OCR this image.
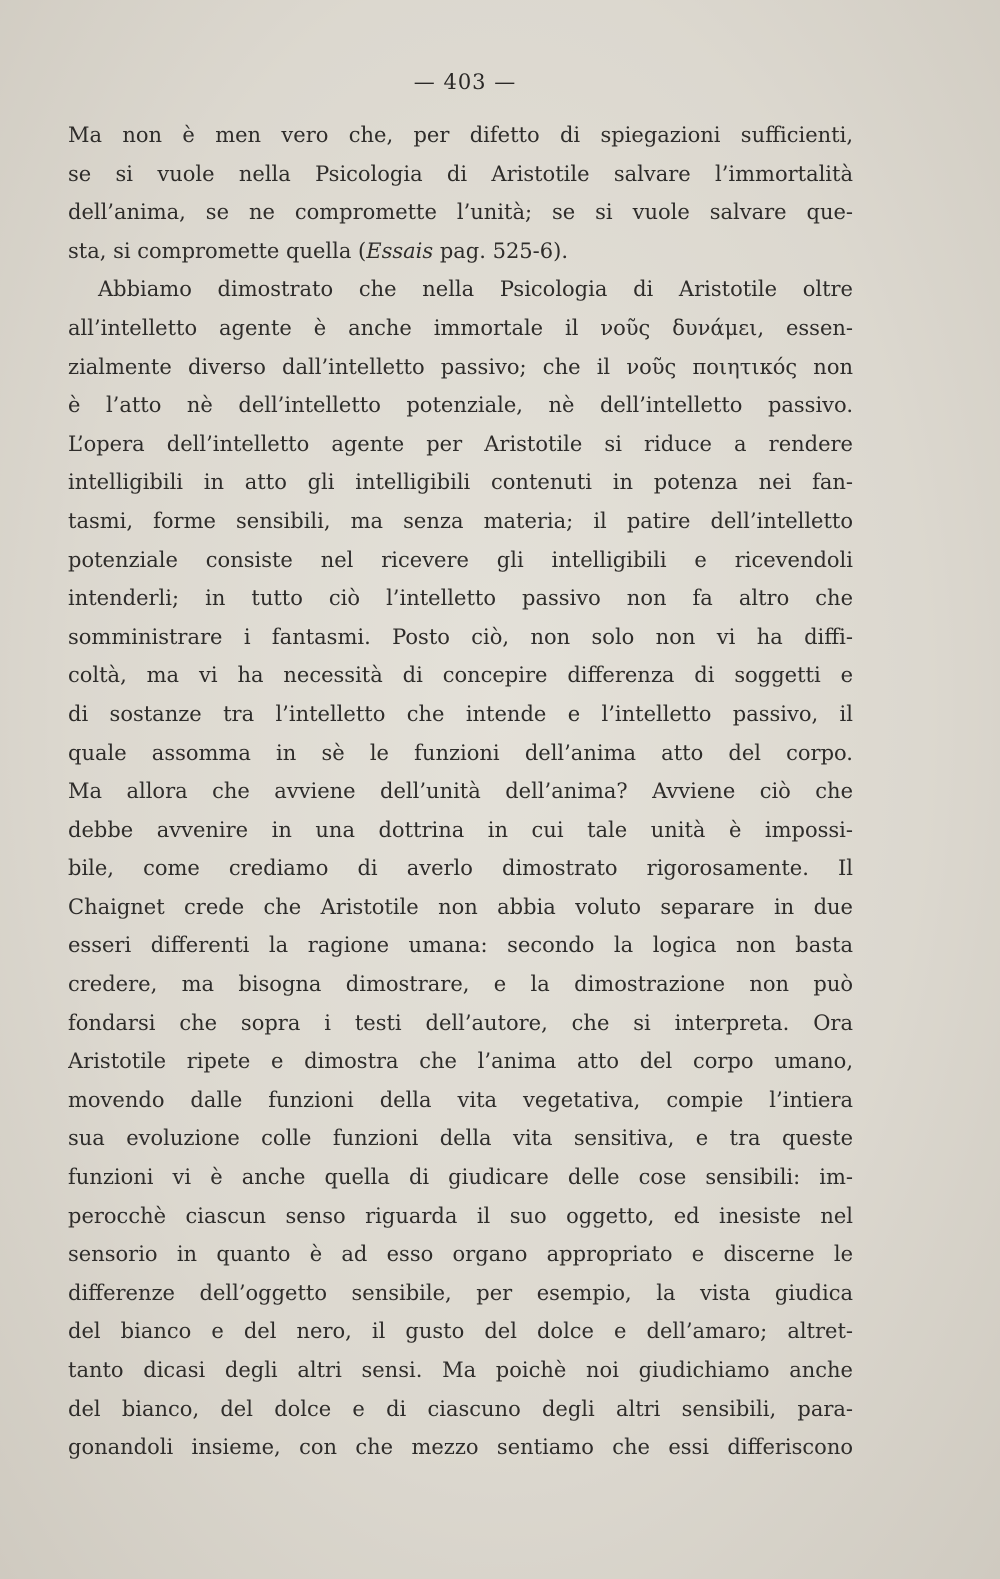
— 403 —
Ma non è men vero che, per difetto di spiegazioni sufficienti,
se si vuole nella Psicologia di Aristotile salvare l’immortalità
dell’anima, se ne compromette l’unità; se si vuole salvare que-
sta, si compromette quella (Essais pag. 525-6).
Abbiamo dimostrato che nella Psicologia di Aristotile oltre
all’intelletto agente è anche immortale il νοῦς δυνάμει, essen-
zialmente diverso dall’intelletto passivo; che il νοῦς ποιητικός non
è l’atto nè dell’intelletto potenziale, nè dell’intelletto passivo.
L’opera dell’intelletto agente per Aristotile si riduce a rendere
intelligibili in atto gli intelligibili contenuti in potenza nei fan-
tasmi, forme sensibili, ma senza materia; il patire dell’intelletto
potenziale consiste nel ricevere gli intelligibili e ricevendoli
intenderli; in tutto ciò l’intelletto passivo non fa altro che
somministrare i fantasmi. Posto ciò, non solo non vi ha diffi-
coltà, ma vi ha necessità di concepire differenza di soggetti e
di sostanze tra l’intelletto che intende e l’intelletto passivo, il
quale assomma in sè le funzioni dell’anima atto del corpo.
Ma allora che avviene dell’unità dell’anima? Avviene ciò che
debbe avvenire in una dottrina in cui tale unità è impossi-
bile, come crediamo di averlo dimostrato rigorosamente. Il
Chaignet crede che Aristotile non abbia voluto separare in due
esseri differenti la ragione umana: secondo la logica non basta
credere, ma bisogna dimostrare, e la dimostrazione non può
fondarsi che sopra i testi dell’autore, che si interpreta. Ora
Aristotile ripete e dimostra che l’anima atto del corpo umano,
movendo dalle funzioni della vita vegetativa, compie l’intiera
sua evoluzione colle funzioni della vita sensitiva, e tra queste
funzioni vi è anche quella di giudicare delle cose sensibili: im-
perocchè ciascun senso riguarda il suo oggetto, ed inesiste nel
sensorio in quanto è ad esso organo appropriato e discerne le
differenze dell’oggetto sensibile, per esempio, la vista giudica
del bianco e del nero, il gusto del dolce e dell’amaro; altret-
tanto dicasi degli altri sensi. Ma poichè noi giudichiamo anche
del bianco, del dolce e di ciascuno degli altri sensibili, para-
gonandoli insieme, con che mezzo sentiamo che essi differiscono
